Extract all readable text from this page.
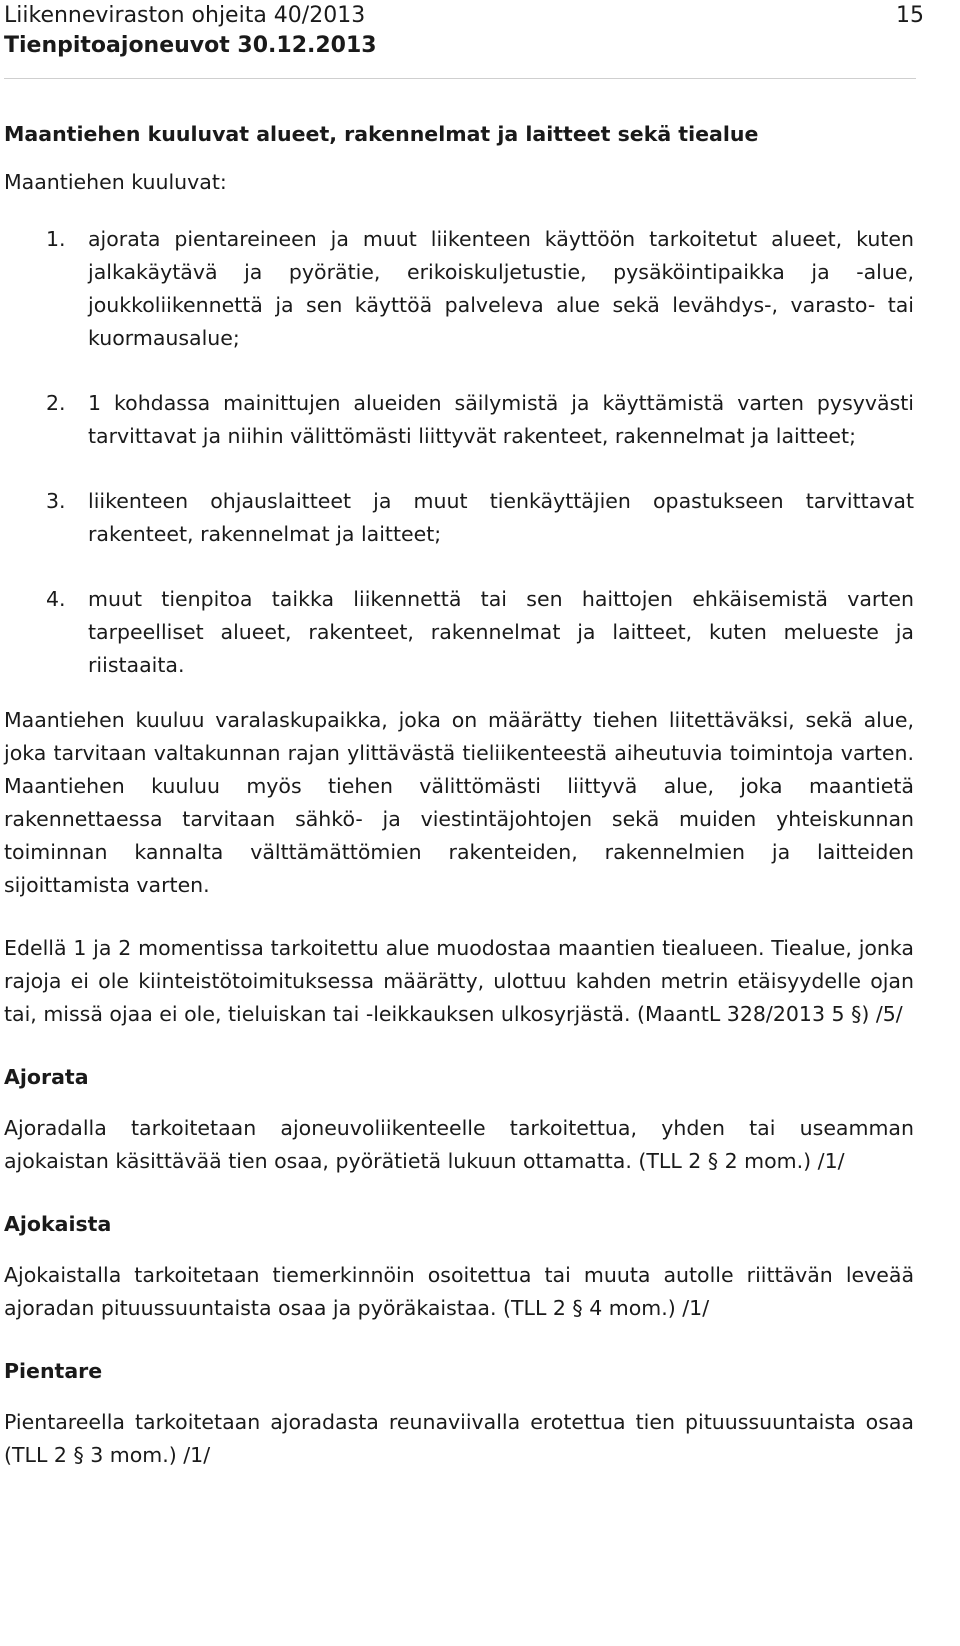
Liikenneviraston ohjeita 40/2013
Tienpitoajoneuvot 30.12.2013
15
Maantiehen kuuluvat alueet, rakennelmat ja laitteet sekä tiealue
Maantiehen kuuluvat:
1. ajorata pientareineen ja muut liikenteen käyttöön tarkoitetut alueet, kuten jalkakäytävä ja pyörätie, erikoiskuljetustie, pysäköintipaikka ja -alue, joukkoliikennettä ja sen käyttöä palveleva alue sekä levähdys-, varasto- tai kuormausalue;
2. 1 kohdassa mainittujen alueiden säilymistä ja käyttämistä varten pysyvästi tarvittavat ja niihin välittömästi liittyvät rakenteet, rakennelmat ja laitteet;
3. liikenteen ohjauslaitteet ja muut tienkäyttäjien opastukseen tarvittavat rakenteet, rakennelmat ja laitteet;
4. muut tienpitoa taikka liikennettä tai sen haittojen ehkäisemistä varten tarpeelliset alueet, rakenteet, rakennelmat ja laitteet, kuten melueste ja riistaaita.

Maantiehen kuuluu varalaskupaikka, joka on määrätty tiehen liitettäväksi, sekä alue, joka tarvitaan valtakunnan rajan ylittävästä tieliikenteestä aiheutuvia toimintoja varten. Maantiehen kuuluu myös tiehen välittömästi liittyvä alue, joka maantietä rakennettaessa tarvitaan sähkö- ja viestintäjohtojen sekä muiden yhteiskunnan toiminnan kannalta välttämättömien rakenteiden, rakennelmien ja laitteiden sijoittamista varten.

Edellä 1 ja 2 momentissa tarkoitettu alue muodostaa maantien tiealueen. Tiealue, jonka rajoja ei ole kiinteistötoimituksessa määrätty, ulottuu kahden metrin etäisyydelle ojan tai, missä ojaa ei ole, tieluiskan tai -leikkauksen ulkosyrjästä. (MaantL 328/2013 5 §) /5/

Ajorata

Ajoradalla tarkoitetaan ajoneuvoliikenteelle tarkoitettua, yhden tai useamman ajokaistan käsittävää tien osaa, pyörätietä lukuun ottamatta. (TLL 2 § 2 mom.) /1/

Ajokaista

Ajokaistalla tarkoitetaan tiemerkinnöin osoitettua tai muuta autolle riittävän leveää ajoradan pituussuuntaista osaa ja pyöräkaistaa. (TLL 2 § 4 mom.) /1/

Pientare

Pientareella tarkoitetaan ajoradasta reunaviivalla erotettua tien pituussuuntaista osaa (TLL 2 § 3 mom.) /1/
